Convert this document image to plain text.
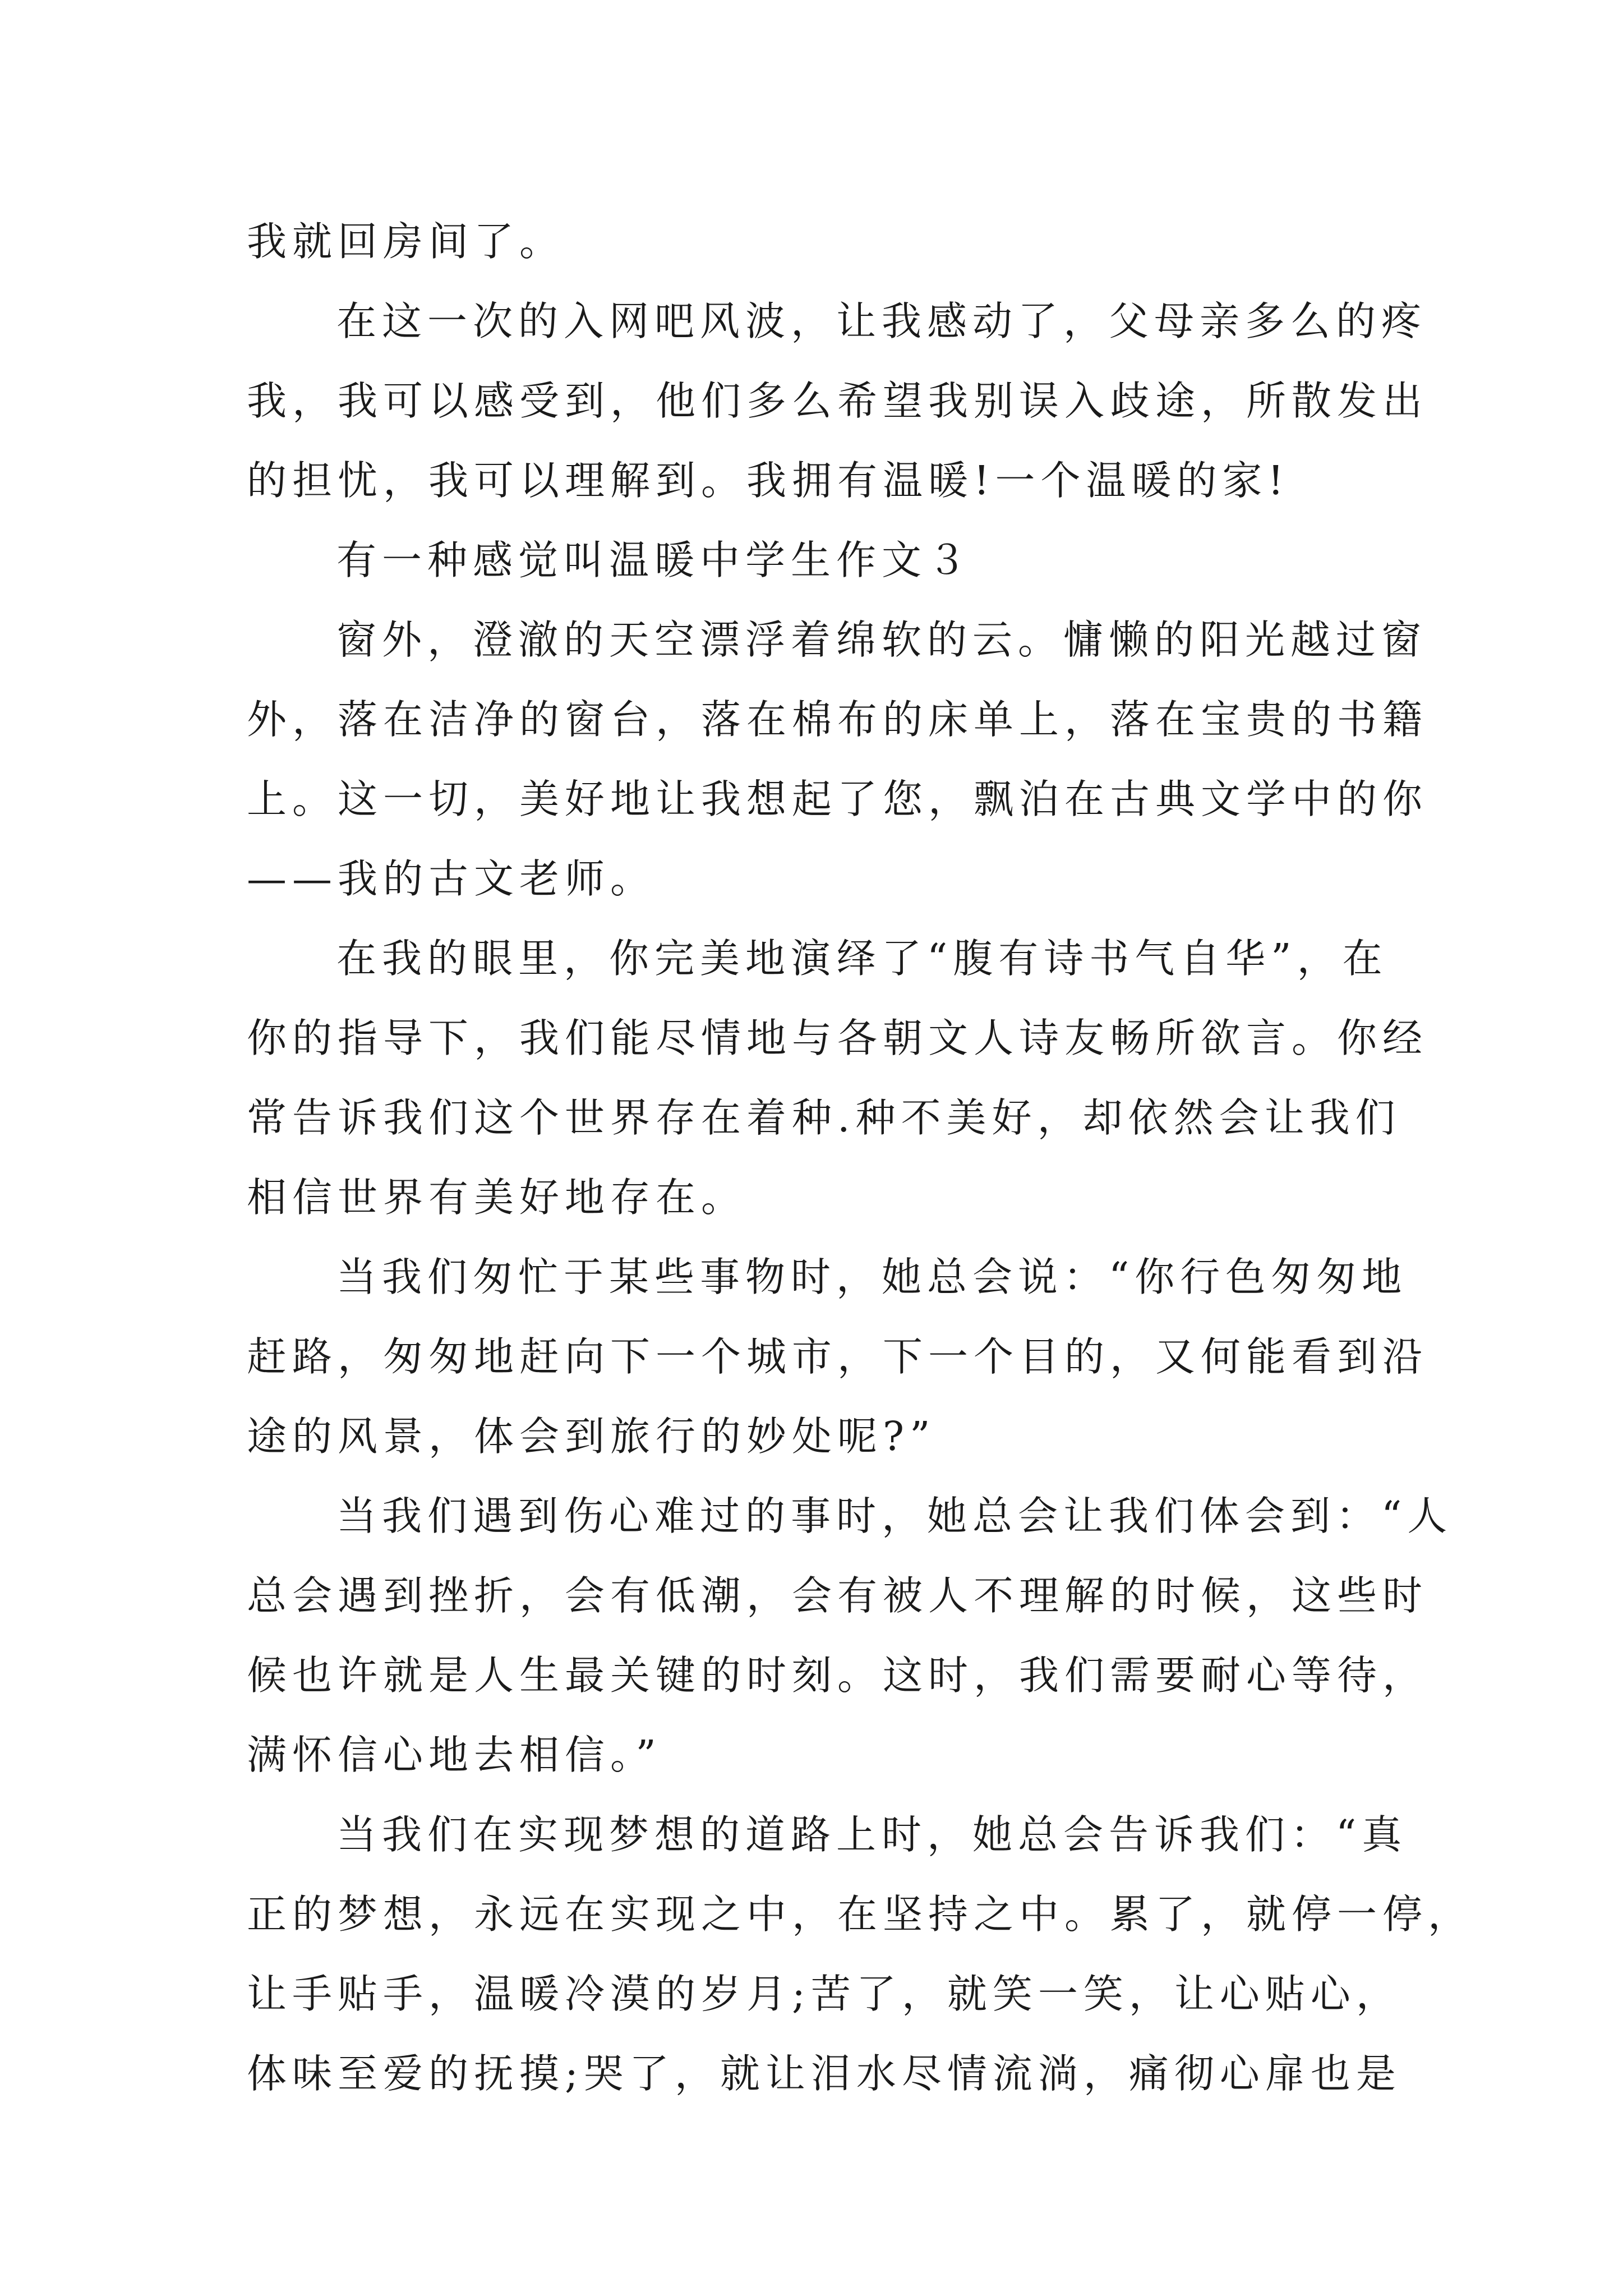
我就回房间了。
在这一次的入网吧风波，让我感动了，父母亲多么的疼
我，我可以感受到，他们多么希望我别误入歧途，所散发出
的担忧，我可以理解到。我拥有温暖!一个温暖的家!
有一种感觉叫温暖中学生作文３
窗外，澄澈的天空漂浮着绵软的云。慵懒的阳光越过窗
外，落在洁净的窗台，落在棉布的床单上，落在宝贵的书籍
上。这一切，美好地让我想起了您，飘泊在古典文学中的你
——我的古文老师。
在我的眼里，你完美地演绎了“腹有诗书气自华”，在
你的指导下，我们能尽情地与各朝文人诗友畅所欲言。你经
常告诉我们这个世界存在着种.种不美好，却依然会让我们
相信世界有美好地存在。
当我们匆忙于某些事物时，她总会说：“你行色匆匆地
赶路，匆匆地赶向下一个城市，下一个目的，又何能看到沿
途的风景，体会到旅行的妙处呢?”
当我们遇到伤心难过的事时，她总会让我们体会到：“人
总会遇到挫折，会有低潮，会有被人不理解的时候，这些时
候也许就是人生最关键的时刻。这时，我们需要耐心等待，
满怀信心地去相信。”
当我们在实现梦想的道路上时，她总会告诉我们：“真
正的梦想，永远在实现之中，在坚持之中。累了，就停一停，
让手贴手，温暖冷漠的岁月;苦了，就笑一笑，让心贴心，
体味至爱的抚摸;哭了，就让泪水尽情流淌，痛彻心扉也是
